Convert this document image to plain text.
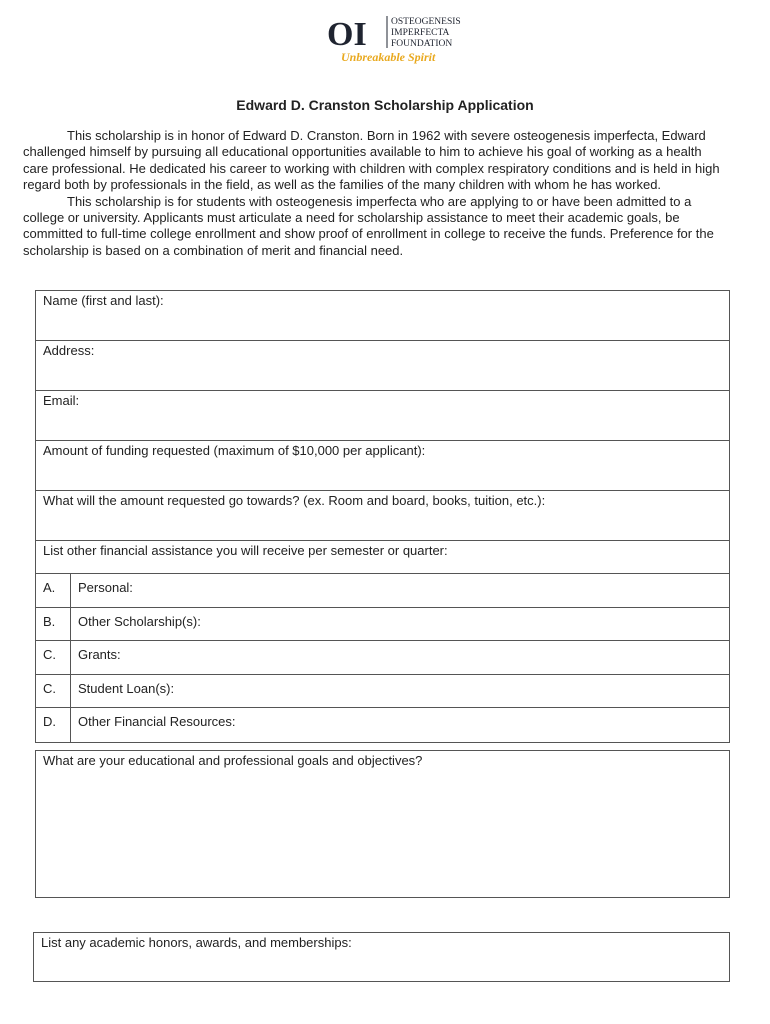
OI	OSTEOGENESIS
IMPERFECTA
FOUNDATION
Unbreakable Spirit
Edward D. Cranston Scholarship Application

This scholarship is in honor of Edward D. Cranston. Born in 1962 with severe osteogenesis imperfecta, Edward challenged himself by pursuing all educational opportunities available to him to achieve his goal of working as a health care professional. He dedicated his career to working with children with complex respiratory conditions and is held in high regard both by professionals in the field, as well as the families of the many children with whom he has worked.

This scholarship is for students with osteogenesis imperfecta who are applying to or have been admitted to a college or university. Applicants must articulate a need for scholarship assistance to meet their academic goals, be committed to full-time college enrollment and show proof of enrollment in college to receive the funds. Preference for the scholarship is based on a combination of merit and financial need.

Name (first and last):
Address:
Email:
Amount of funding requested (maximum of $10,000 per applicant):
What will the amount requested go towards? (ex. Room and board, books, tuition, etc.):
List other financial assistance you will receive per semester or quarter:
A.	Personal:
B.	Other Scholarship(s):
C.	Grants:
C.	Student Loan(s):
D.	Other Financial Resources:
What are your educational and professional goals and objectives?
List any academic honors, awards, and memberships:
